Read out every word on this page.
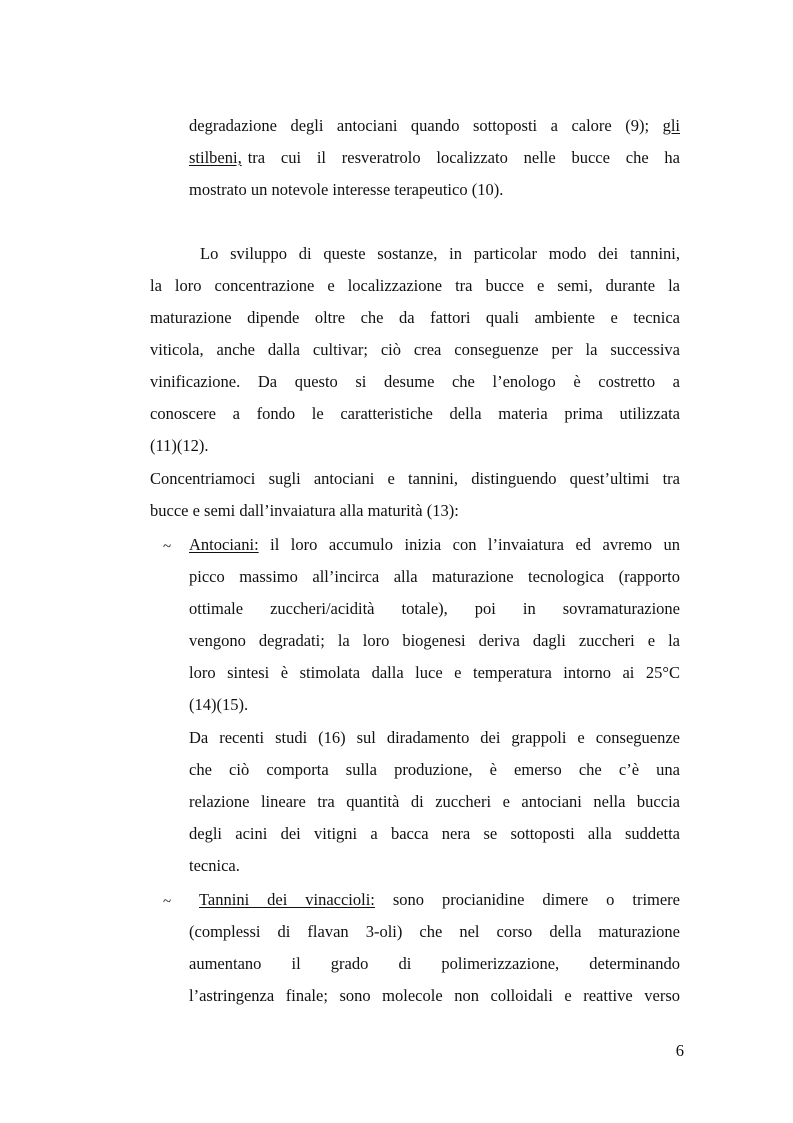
degradazione degli antociani quando sottoposti a calore (9); gli
stilbeni, tra cui il resveratrolo localizzato nelle bucce che ha
mostrato un notevole interesse terapeutico (10).
Lo sviluppo di queste sostanze, in particolar modo dei tannini,
la loro concentrazione e localizzazione tra bucce e semi, durante la
maturazione dipende oltre che da fattori quali ambiente e tecnica
viticola, anche dalla cultivar; ciò crea conseguenze per la successiva
vinificazione. Da questo si desume che l’enologo è costretto a
conoscere a fondo le caratteristiche della materia prima utilizzata
(11)(12).
Concentriamoci sugli antociani e tannini, distinguendo quest’ultimi tra
bucce e semi dall’invaiatura alla maturità (13):
~ Antociani: il loro accumulo inizia con l’invaiatura ed avremo un
picco massimo all’incirca alla maturazione tecnologica (rapporto
ottimale zuccheri/acidità totale), poi in sovramaturazione
vengono degradati; la loro biogenesi deriva dagli zuccheri e la
loro sintesi è stimolata dalla luce e temperatura intorno ai 25°C
(14)(15).
Da recenti studi (16) sul diradamento dei grappoli e conseguenze
che ciò comporta sulla produzione, è emerso che c’è una
relazione lineare tra quantità di zuccheri e antociani nella buccia
degli acini dei vitigni a bacca nera se sottoposti alla suddetta
tecnica.
~ Tannini dei vinaccioli: sono procianidine dimere o trimere
(complessi di flavan 3-oli) che nel corso della maturazione
aumentano il grado di polimerizzazione, determinando
l’astringenza finale; sono molecole non colloidali e reattive verso
6
